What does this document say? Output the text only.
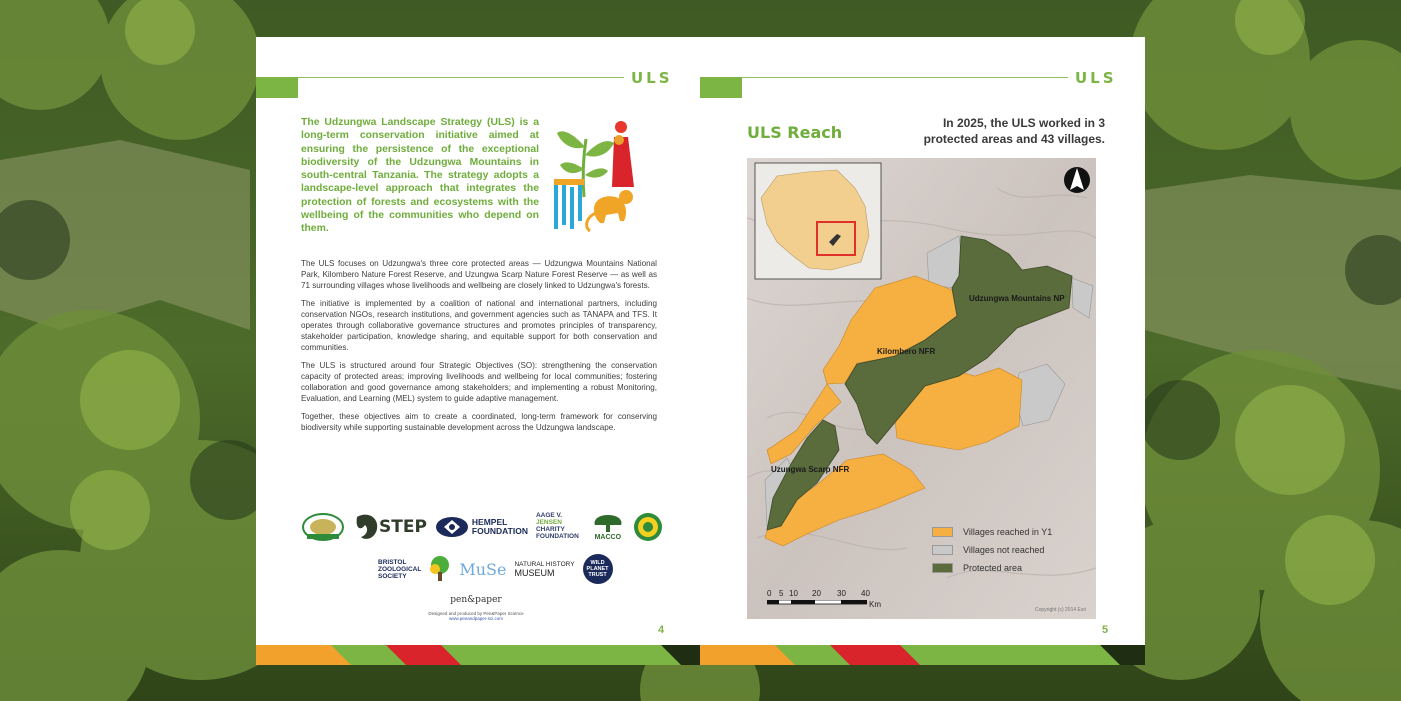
ULS

The Udzungwa Landscape Strategy (ULS) is a long-term conservation initiative aimed at ensuring the persistence of the exceptional biodiversity of the Udzungwa Mountains in south-central Tanzania. The strategy adopts a landscape-level approach that integrates the protection of forests and ecosystems with the wellbeing of the communities who depend on them.

The ULS focuses on Udzungwa's three core protected areas — Udzungwa Mountains National Park, Kilombero Nature Forest Reserve, and Uzungwa Scarp Nature Forest Reserve — as well as 71 surrounding villages whose livelihoods and wellbeing are closely linked to Udzungwa's forests.

The initiative is implemented by a coalition of national and international partners, including conservation NGOs, research institutions, and government agencies such as TANAPA and TFS. It operates through collaborative governance structures and promotes principles of transparency, stakeholder participation, knowledge sharing, and equitable support for both conservation and communities.

The ULS is structured around four Strategic Objectives (SO): strengthening the conservation capacity of protected areas; improving livelihoods and wellbeing for local communities; fostering collaboration and good governance among stakeholders; and implementing a robust Monitoring, Evaluation, and Learning (MEL) system to guide adaptive management.

Together, these objectives aim to create a coordinated, long-term framework for conserving biodiversity while supporting sustainable development across the Udzungwa landscape.

STEP	HEMPEL
FOUNDATION
AAGE V.
JENSEN
CHARITY
FOUNDATION MACCO
BRISTOL
ZOOLOGICAL
SOCIETY	MuSe NATURAL HISTORY
MUSEUM
WILD
PLANET
TRUST
pen&paper
Designed and produced by Pen&Paper Science
www.penandpaper-sci.com
4
ULS
ULS Reach	In 2025, the ULS worked in 3 protected areas and 43 villages.

Udzungwa Mountains NP
Kilombero NFR
Uzungwa Scarp NFR
Villages reached in Y1
Villages not reached
Protected area
0 5 10 20 30 40
Km
Copyright (c) 2014 Esri
5
